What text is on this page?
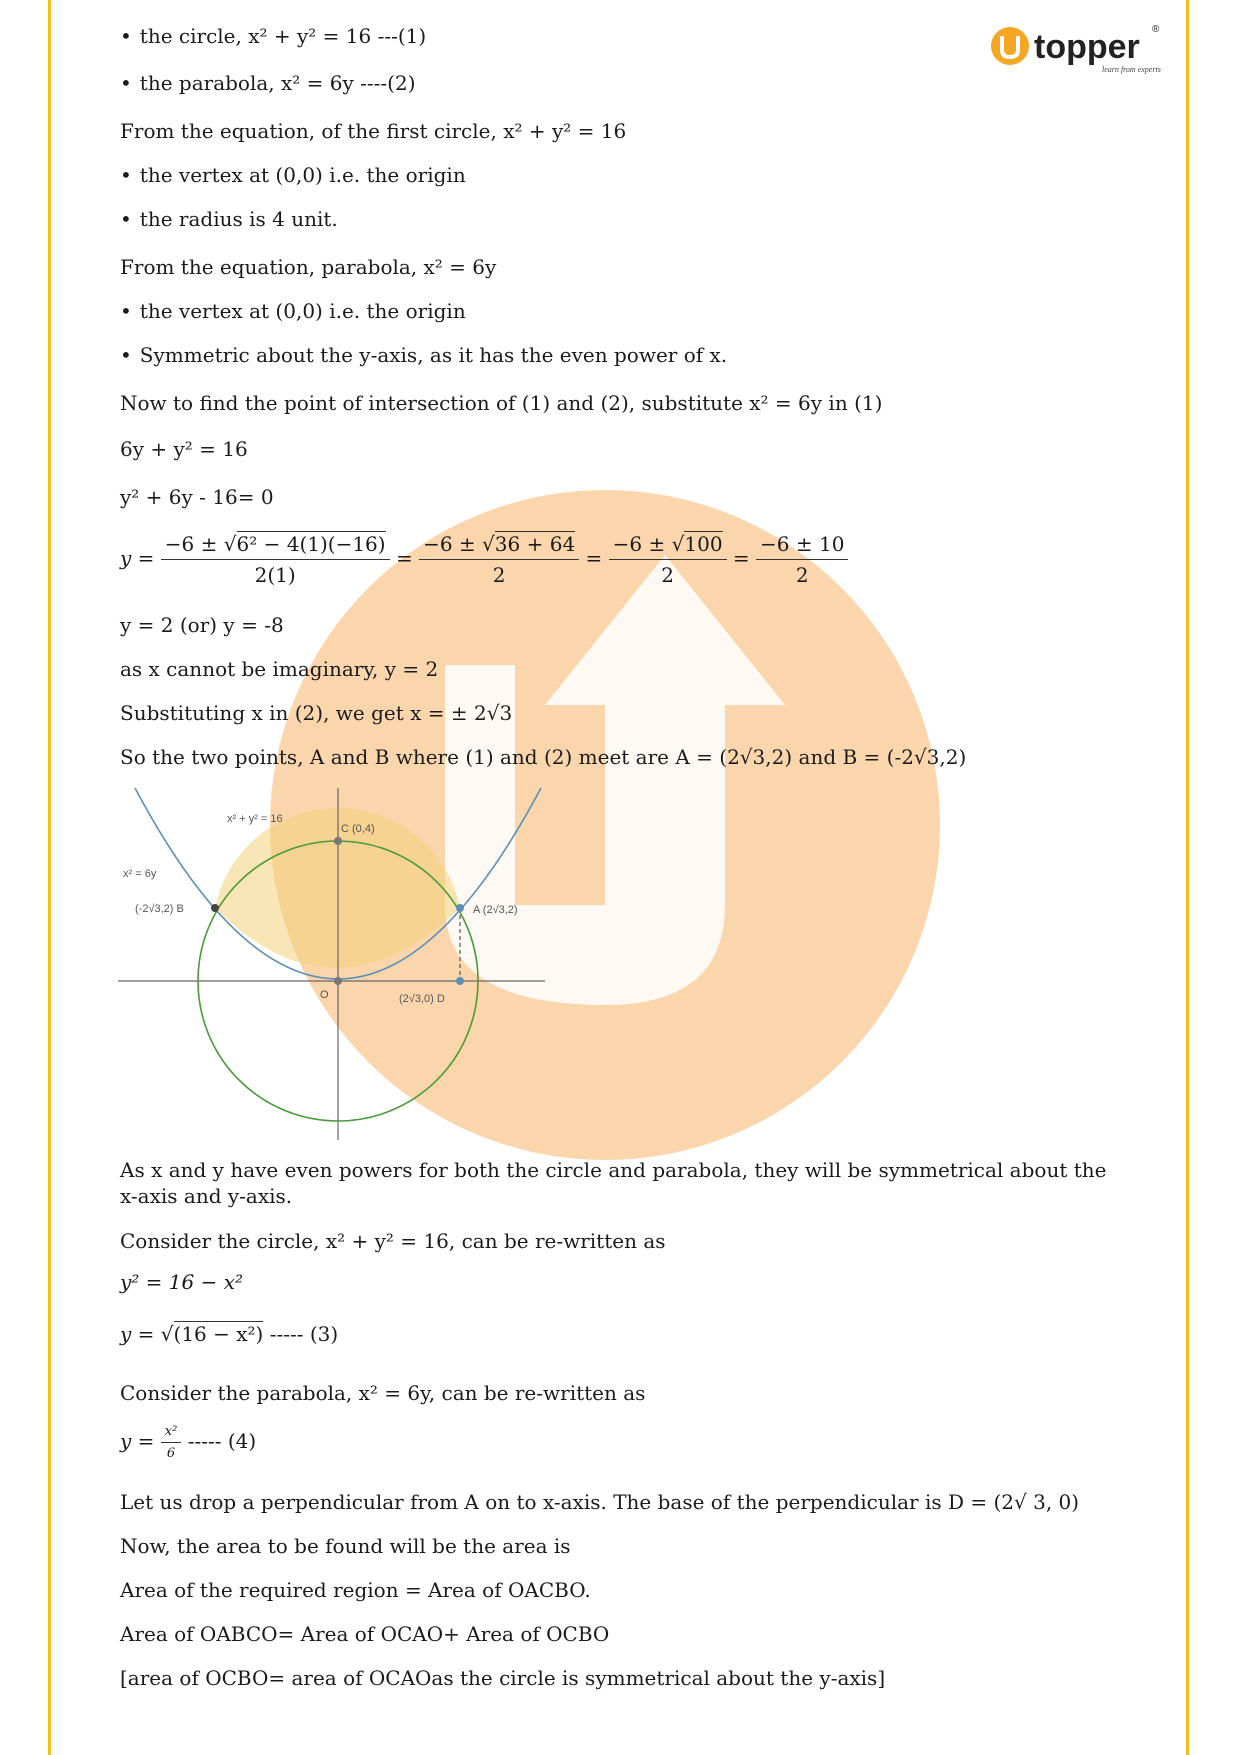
topper ®
learn from experts
• the circle, x² + y² = 16 ---(1)
• the parabola, x² = 6y ----(2)
From the equation, of the first circle, x² + y² = 16
• the vertex at (0,0) i.e. the origin
• the radius is 4 unit.
From the equation, parabola, x² = 6y
• the vertex at (0,0) i.e. the origin
• Symmetric about the y-axis, as it has the even power of x.
Now to find the point of intersection of (1) and (2), substitute x² = 6y in (1)
6y + y² = 16
y² + 6y - 16= 0
$y = \frac{\text{−6 ± √6² − 4(1)(−16)}}{2(1)} = \frac{-6 \pm √36 + 64}{2} = \frac{-6 \pm √100}{2} = \frac{-6 \pm 10}{2}$
y = 2 (or) y = -8
as x cannot be imaginary, y = 2
Substituting x in (2), we get x = ± 2√3
So the two points, A and B where (1) and (2) meet are A = (2√3,2) and B = (-2√3,2)
x² + y² = 16
x² = 6y
(-2√3,2) B	A (2√3,2)
C (0,4)
O	(2√3,0) D
As x and y have even powers for both the circle and parabola, they will be symmetrical about the x-axis and y-axis.
Consider the circle, x² + y² = 16, can be re-written as
y² = 16 − x²
y = √(16 − x²) ----- (3)
Consider the parabola, x² = 6y, can be re-written as
$y = \frac{\text{x²}}{6}$ ----- (4)
Let us drop a perpendicular from A on to x-axis. The base of the perpendicular is D = (2√ 3, 0)
Now, the area to be found will be the area is
Area of the required region = Area of OACBO.
Area of OABCO= Area of OCAO+ Area of OCBO
[area of OCBO= area of OCAOas the circle is symmetrical about the y-axis]
